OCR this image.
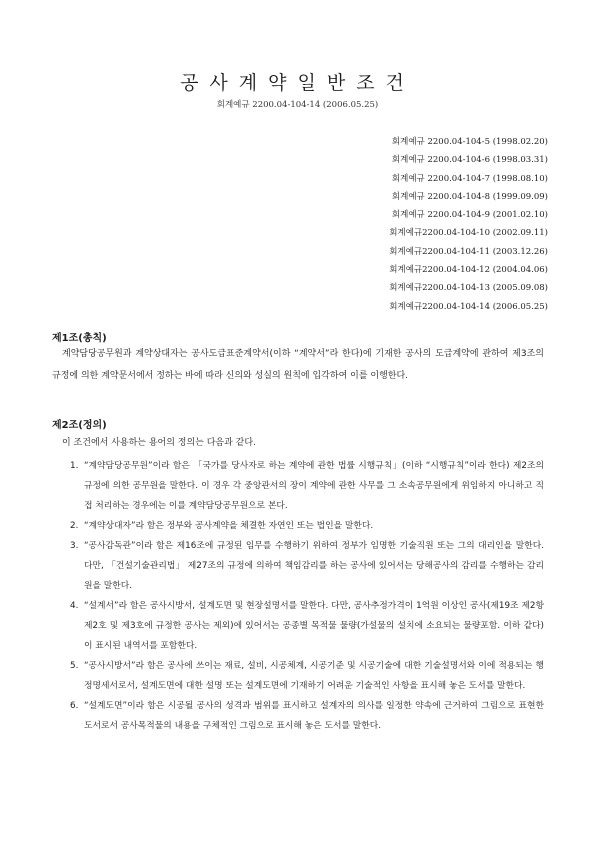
공사계약일반조건
회계예규 2200.04-104-14 (2006.05.25)
회계예규 2200.04-104-5 (1998.02.20)
회계예규 2200.04-104-6 (1998.03.31)
회계예규 2200.04-104-7 (1998.08.10)
회계예규 2200.04-104-8 (1999.09.09)
회계예규 2200.04-104-9 (2001.02.10)
회계예규2200.04-104-10 (2002.09.11)
회계예규2200.04-104-11 (2003.12.26)
회계예규2200.04-104-12 (2004.04.06)
회계예규2200.04-104-13 (2005.09.08)
회계예규2200.04-104-14 (2006.05.25)
제1조(총칙)
계약담당공무원과 계약상대자는 공사도급표준계약서(이하 “계약서”라 한다)에 기재한 공사의 도급계약에 관하여 제3조의 규정에 의한 계약문서에서 정하는 바에 따라 신의와 성실의 원칙에 입각하여 이를 이행한다.
제2조(정의)
이 조건에서 사용하는 용어의 정의는 다음과 같다.
1. “계약담당공무원”이라 함은 「국가를 당사자로 하는 계약에 관한 법률 시행규칙」(이하 “시행규칙”이라 한다) 제2조의 규정에 의한 공무원을 말한다. 이 경우 각 중앙관서의 장이 계약에 관한 사무를 그 소속공무원에게 위임하지 아니하고 직접 처리하는 경우에는 이를 계약담당공무원으로 본다.
2. “계약상대자”라 함은 정부와 공사계약을 체결한 자연인 또는 법인을 말한다.
3. “공사감독관”이라 함은 제16조에 규정된 임무를 수행하기 위하여 정부가 임명한 기술직원 또는 그의 대리인을 말한다. 다만, 「건설기술관리법」 제27조의 규정에 의하여 책임감리를 하는 공사에 있어서는 당해공사의 감리를 수행하는 감리원을 말한다.
4. “설계서”라 함은 공사시방서, 설계도면 및 현장설명서를 말한다. 다만, 공사추정가격이 1억원 이상인 공사(제19조 제2항 제2호 및 제3호에 규정한 공사는 제외)에 있어서는 공종별 목적물 물량(가설물의 설치에 소요되는 물량포함. 이하 같다)이 표시된 내역서를 포함한다.
5. “공사시방서”라 함은 공사에 쓰이는 재료, 설비, 시공체계, 시공기준 및 시공기술에 대한 기술설명서와 이에 적용되는 행정명세서로서, 설계도면에 대한 설명 또는 설계도면에 기재하기 어려운 기술적인 사항을 표시해 놓은 도서를 말한다.
6. “설계도면”이라 함은 시공될 공사의 성격과 범위를 표시하고 설계자의 의사를 일정한 약속에 근거하여 그림으로 표현한 도서로서 공사목적물의 내용을 구체적인 그림으로 표시해 놓은 도서를 말한다.
